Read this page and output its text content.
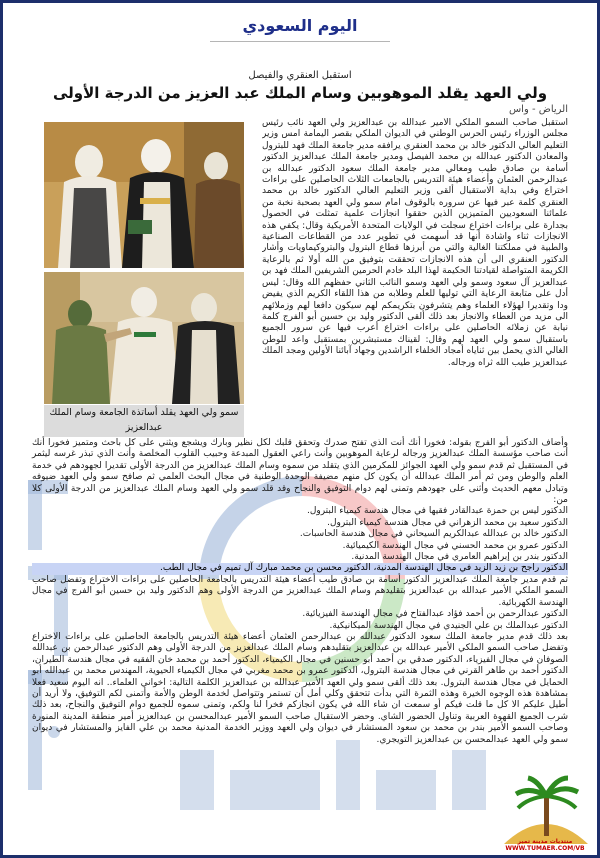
اليوم السعودي
استقبل العنقري والفيصل
ولي العهد يقلد الموهوبين وسام الملك عبد العزيز من الدرجة الأولى
الرياض - واس
سمو ولي العهد يقلد أساتذة الجامعة وسام الملك عبدالعزيز
استقبل صاحب السمو الملكي الأمير عبدالله بن عبدالعزيز ولي العهد نائب رئيس مجلس الوزراء رئيس الحرس الوطني في الديوان الملكي بقصر اليمامة امس وزير التعليم العالي الدكتور خالد بن محمد العنقري يرافقه مدير جامعة الملك فهد للبترول والمعادن الدكتور عبدالله بن محمد الفيصل ومدير جامعة الملك عبدالعزيز الدكتور أسامة بن صادق طيب ومعالي مدير جامعة الملك سعود الدكتور عبدالله بن عبدالرحمن العثمان وأعضاء هيئة التدريس بالجامعات الثلاث الحاصلين على براءات اختراع وفي بداية الاستقبال ألقى وزير التعليم العالي الدكتور خالد بن محمد العنقري كلمة عبر فيها عن سروره بالوقوف امام سمو ولي العهد بصحبة نخبة من علمائنا السعوديين المتميزين الذين حققوا انجازات علمية تمثلت في الحصول بجدارة على براءات اختراع سجلت في الولايات المتحدة الأمريكية وقال: يكفي هذه الانجازات ثناء واشادة أنها قد أسهمت في تطوير عدد من القطاعات الصناعية والطبية في مملكتنا الغالية والتي من أبرزها قطاع البترول والبتروكيماويات وأشار الدكتور العنقري الى أن هذه الانجازات تحققت بتوفيق من الله أولا ثم بالرعاية الكريمة المتواصلة لقيادتنا الحكيمة لهذا البلد خادم الحرمين الشريفين الملك فهد بن عبدالعزيز آل سعود وسمو ولي العهد وسمو النائب الثاني حفظهم الله وقال: ليس أدل على متابعة الرعاية التي توليها للعلم وطلابه من هذا اللقاء الكريم الذي يفيض ودا وتقديرا لهؤلاء العلماء وهم يتشرفون بتكريمكم لهم سيكون دافعا لهم وزملائهم الى مزيد من العطاء والانجاز بعد ذلك ألقى الدكتور وليد بن حسين أبو الفرج كلمة نيابة عن زملائه الحاصلين على براءات اختراع أعرب فيها عن سرور الجميع باستقبال سمو ولي العهد لهم وقال: لقيناك مستبشرين بمستقبل واعد للوطن الغالي الذي يحمل بين ثناياه أمجاد الخلفاء الراشدين وجهاد آبائنا الأولين ومجد الملك عبدالعزيز طيب الله ثراه ورجاله.

وأضاف الدكتور أبو الفرج بقوله: فخورا أنك أنت الذي تفتح صدرك وتحقق قلبك لكل نظير وبارك ويشجع ويثني على كل باحث ومتميز فخورا أنك أنت صاحب مؤسسة الملك عبدالعزيز ورجاله لرعاية الموهوبين وأنت راعي العقول المبدعة وحبيب القلوب المخلصة وأنت الذي تبذر غرسه ليثمر في المستقبل ثم قدم سمو ولي العهد الجوائز للمكرمين الذي يتقلد من سموه وسام الملك عبدالعزيز من الدرجة الأولى تقديرا لجهودهم في خدمة العلم والوطن ومن ثم أمر الملك عبدالله أن يكون كل منهم مضيفة الوحدة الوطنية في مجال البحث العلمي ثم صافح سمو ولي العهد ضيوفه وتبادل معهم الحديث وأثنى على جهودهم وتمنى لهم دوام التوفيق والنجاح وقد قلد سمو ولي العهد وسام الملك عبدالعزيز من الدرجة الأولى كلا من:

الدكتور ليس بن حمزة عبدالقادر فقيها في مجال هندسة كيمياء البترول.
الدكتور سعيد بن محمد الزهراني في مجال هندسة كيمياء البترول.
الدكتور خالد بن عبدالله عبدالكريم السيحاني في مجال هندسة الحاسبات.
الدكتور عمرو بن محمد الحسني في مجال الهندسة الكيميائية.
الدكتور بندر بن إبراهيم العامري في مجال الهندسة المدنية.
الدكتور راجح بن زيد الزيد في مجال الهندسة المدنية، الدكتور محسن بن محمد مبارك آل تميم في مجال الطب.

ثم قدم مدير جامعة الملك عبدالعزيز الدكتور أسامة بن صادق طيب أعضاء هيئة التدريس بالجامعة الحاصلين على براءات الاختراع وتفضل صاحب السمو الملكي الأمير عبدالله بن عبدالعزيز بتقليدهم وسام الملك عبدالعزيز من الدرجة الأولى وهم الدكتور وليد بن حسين أبو الفرج في مجال الهندسة الكهربائية.

الدكتور عبدالرحمن بن أحمد فؤاد عبدالفتاح في مجال الهندسة الفيزيائية.
الدكتور عبدالملك بن علي الجنيدي في مجال الهندسة الميكانيكية.

بعد ذلك قدم مدير جامعة الملك سعود الدكتور عبدالله بن عبدالرحمن العثمان أعضاء هيئة التدريس بالجامعة الحاصلين على براءات الاختراع وتفضل صاحب السمو الملكي الأمير عبدالله بن عبدالعزيز بتقليدهم وسام الملك عبدالعزيز من الدرجة الأولى وهم الدكتور عبدالرحمن بن عبدالله الصوفان في مجال الفيزياء، الدكتور صدقي بن أحمد أبو حسنين في مجال الكيمياء، الدكتور أحمد بن محمد خان الفقيه في مجال هندسة الطيران، الدكتور أحمد بن طاهر القرني في مجال هندسة البترول، الدكتور عمرو بن محمد مغربي في مجال الكيمياء الحيوية، المهندس محمد بن عبدالله أبو الحمايل في مجال هندسة البترول. بعد ذلك ألقى سمو ولي العهد الأمير عبدالله بن عبدالعزيز الكلمة التالية: اخواني العلماء.. انه اليوم سعيد فعلا بمشاهدة هذه الوجوه الخيرة وهذه الثمرة التي بدأت تتحقق وكلي أمل أن تستمر وتتواصل لخدمة الوطن والأمة وأتمنى لكم التوفيق، ولا أريد أن أطيل عليكم الا كل ما قلت فيكم أو سمعت ان شاء الله في يكون انجازكم فخرا لنا ولكم، وتمنى سموه للجميع دوام التوفيق والنجاح، بعد ذلك شرب الجميع القهوة العربية وتناول الحضور الشاي. وحضر الاستقبال صاحب السمو الأمير عبدالمحسن بن عبدالعزيز أمير منطقة المدينة المنورة وصاحب السمو الأمير بندر بن محمد بن سعود المستشار في ديوان ولي العهد ووزير الخدمة المدنية محمد بن علي الفايز والمستشار في ديوان سمو ولي العهد عبدالمحسن بن عبدالعزيز التويجري.

منتديات مدينة تمير
WWW.TUMAER.COM/VB
